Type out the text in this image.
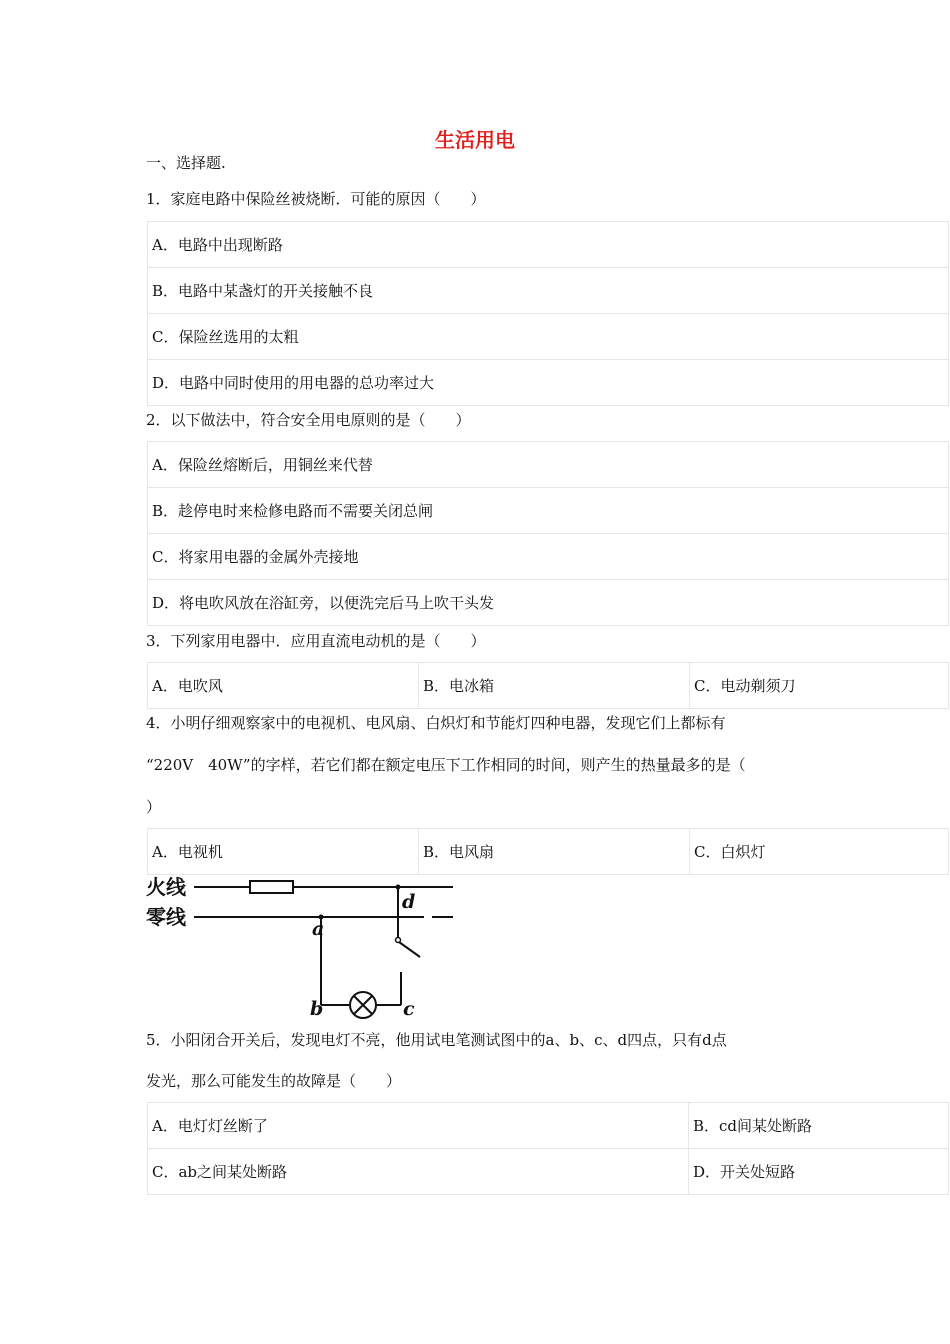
生活用电
一、选择题.
1．家庭电路中保险丝被烧断．可能的原因（　　）
A．电路中出现断路
B．电路中某盏灯的开关接触不良
C．保险丝选用的太粗
D．电路中同时使用的用电器的总功率过大
2．以下做法中，符合安全用电原则的是（　　）
A．保险丝熔断后，用铜丝来代替
B．趁停电时来检修电路而不需要关闭总闸
C．将家用电器的金属外壳接地
D．将电吹风放在浴缸旁，以便洗完后马上吹干头发
3．下列家用电器中．应用直流电动机的是（　　）
A．电吹风	B．电冰箱	C．电动剃须刀
4．小明仔细观察家中的电视机、电风扇、白炽灯和节能灯四种电器，发现它们上都标有
“220V　40W”的字样，若它们都在额定电压下工作相同的时间，则产生的热量最多的是（
）
A．电视机	B．电风扇	C．白炽灯
火线
零线	a
b	c
d
5．小阳闭合开关后，发现电灯不亮，他用试电笔测试图中的a、b、c、d四点，只有d点
发光，那么可能发生的故障是（　　）
A．电灯灯丝断了	B．cd间某处断路
C．ab之间某处断路	D．开关处短路
